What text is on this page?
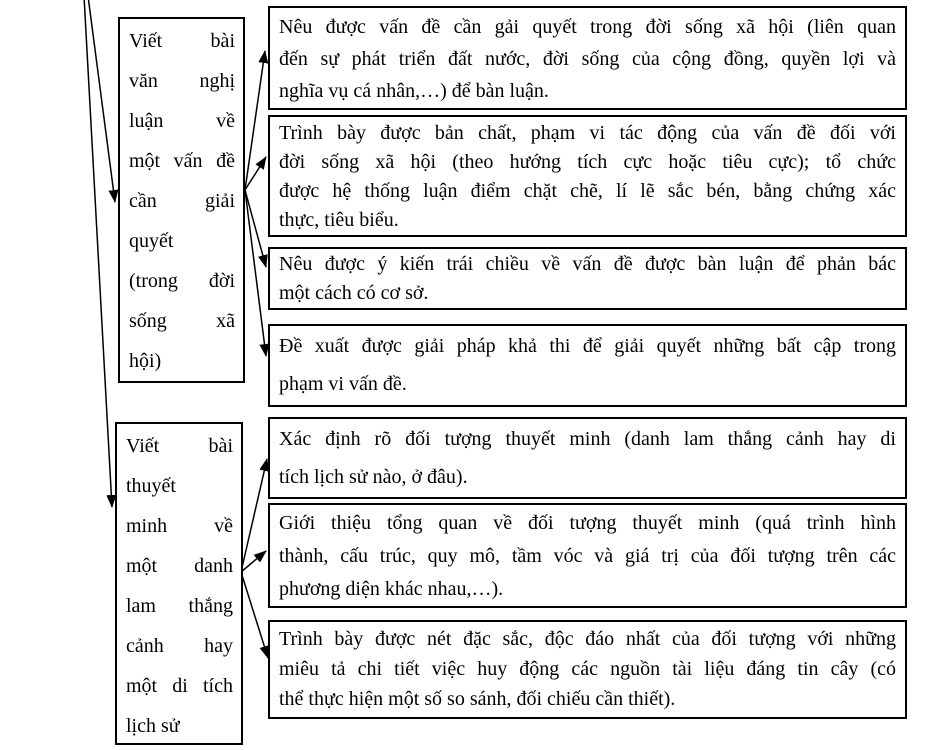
Viết bài
văn nghị
luận về
một vấn đề
cần giải
quyết
(trong đời
sống xã
hội)
Viết bài
thuyết
minh về
một danh
lam thắng
cảnh hay
một di tích
lịch sử
Nêu được vấn đề cần gải quyết trong đời sống xã hội (liên quan
đến sự phát triển đất nước, đời sống của cộng đồng, quyền lợi và
nghĩa vụ cá nhân,…) để bàn luận.
Trình bày được bản chất, phạm vi tác động của vấn đề đối với
đời sống xã hội (theo hướng tích cực hoặc tiêu cực); tổ chức
được hệ thống luận điểm chặt chẽ, lí lẽ sắc bén, bằng chứng xác
thực, tiêu biểu.
Nêu được ý kiến trái chiều về vấn đề được bàn luận để phản bác
một cách có cơ sở.
Đề xuất được giải pháp khả thi để giải quyết những bất cập trong
phạm vi vấn đề.
Xác định rõ đối tượng thuyết minh (danh lam thắng cảnh hay di
tích lịch sử nào, ở đâu).
Giới thiệu tổng quan về đối tượng thuyết minh (quá trình hình
thành, cấu trúc, quy mô, tầm vóc và giá trị của đối tượng trên các
phương diện khác nhau,…).
Trình bày được nét đặc sắc, độc đáo nhất của đối tượng với những
miêu tả chi tiết việc huy động các nguồn tài liệu đáng tin cây (có
thể thực hiện một số so sánh, đối chiếu cần thiết).
